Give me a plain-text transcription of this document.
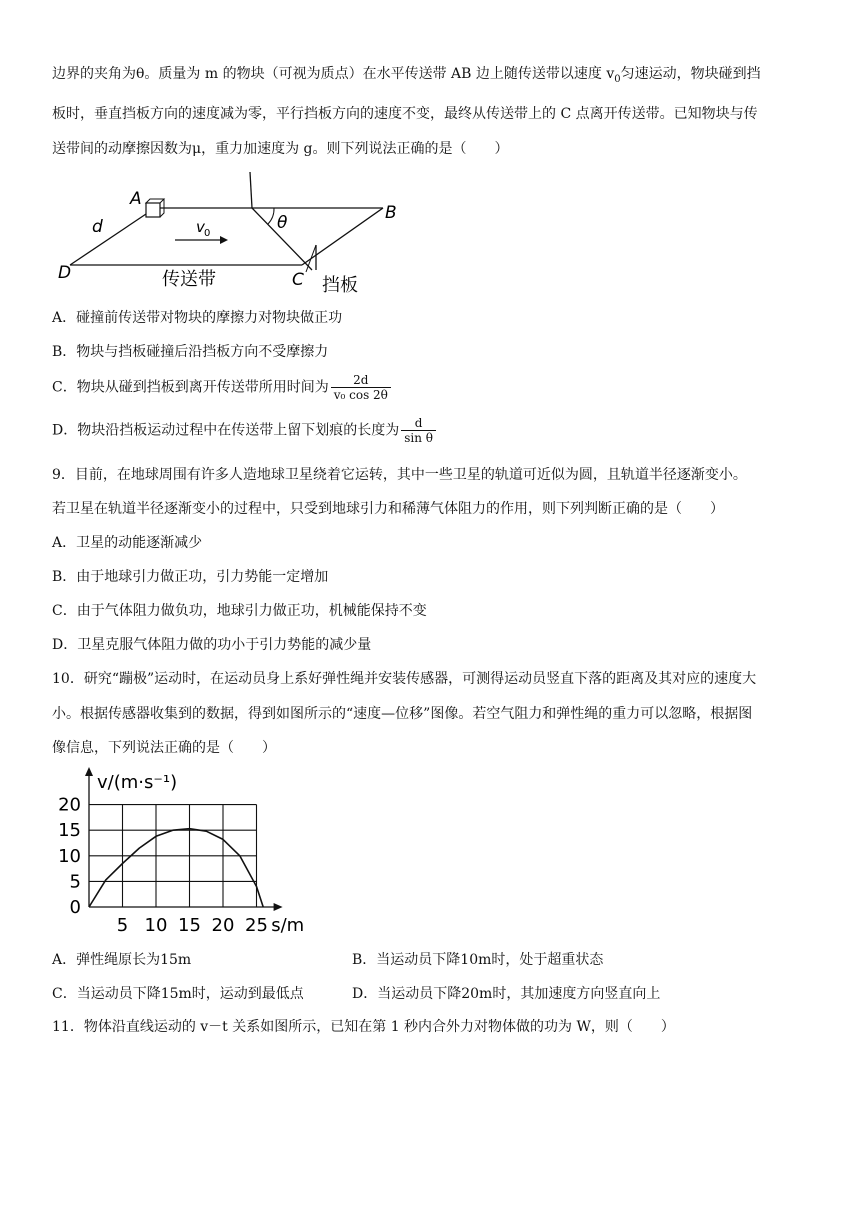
边界的夹角为θ。质量为 m 的物块（可视为质点）在水平传送带 AB 边上随传送带以速度 $v_0$匀速运动，物块碰到挡
板时，垂直挡板方向的速度减为零，平行挡板方向的速度不变，最终从传送带上的 C 点离开传送带。已知物块与传
送带间的动摩擦因数为μ，重力加速度为 g。则下列说法正确的是（　　）
A
B
C
D
d	v 0
θ
传送带	挡板
A．碰撞前传送带对物块的摩擦力对物块做正功
B．物块与挡板碰撞后沿挡板方向不受摩擦力
C．物块从碰到挡板到离开传送带所用时间为 $\frac{2d}{\text{v₀ cos 2θ}}$
D．物块沿挡板运动过程中在传送带上留下划痕的长度为 $\frac{d}{\text{sin θ}}$
9．目前，在地球周围有许多人造地球卫星绕着它运转，其中一些卫星的轨道可近似为圆，且轨道半径逐渐变小。
若卫星在轨道半径逐渐变小的过程中，只受到地球引力和稀薄气体阻力的作用，则下列判断正确的是（　　）
A．卫星的动能逐渐减少
B．由于地球引力做正功，引力势能一定增加
C．由于气体阻力做负功，地球引力做正功，机械能保持不变
D．卫星克服气体阻力做的功小于引力势能的减少量
10．研究“蹦极”运动时，在运动员身上系好弹性绳并安装传感器，可测得运动员竖直下落的距离及其对应的速度大
小。根据传感器收集到的数据，得到如图所示的“速度—位移”图像。若空气阻力和弹性绳的重力可以忽略，根据图
像信息，下列说法正确的是（　　）
5 10 15 20 25
0
5
10
15
20
v/(m·s⁻¹)
s/m
A．弹性绳原长为15m	B．当运动员下降10m时，处于超重状态
C．当运动员下降15m时，运动到最低点	D．当运动员下降20m时，其加速度方向竖直向上
11．物体沿直线运动的 v－t 关系如图所示，已知在第 1 秒内合外力对物体做的功为 W，则（　　）
